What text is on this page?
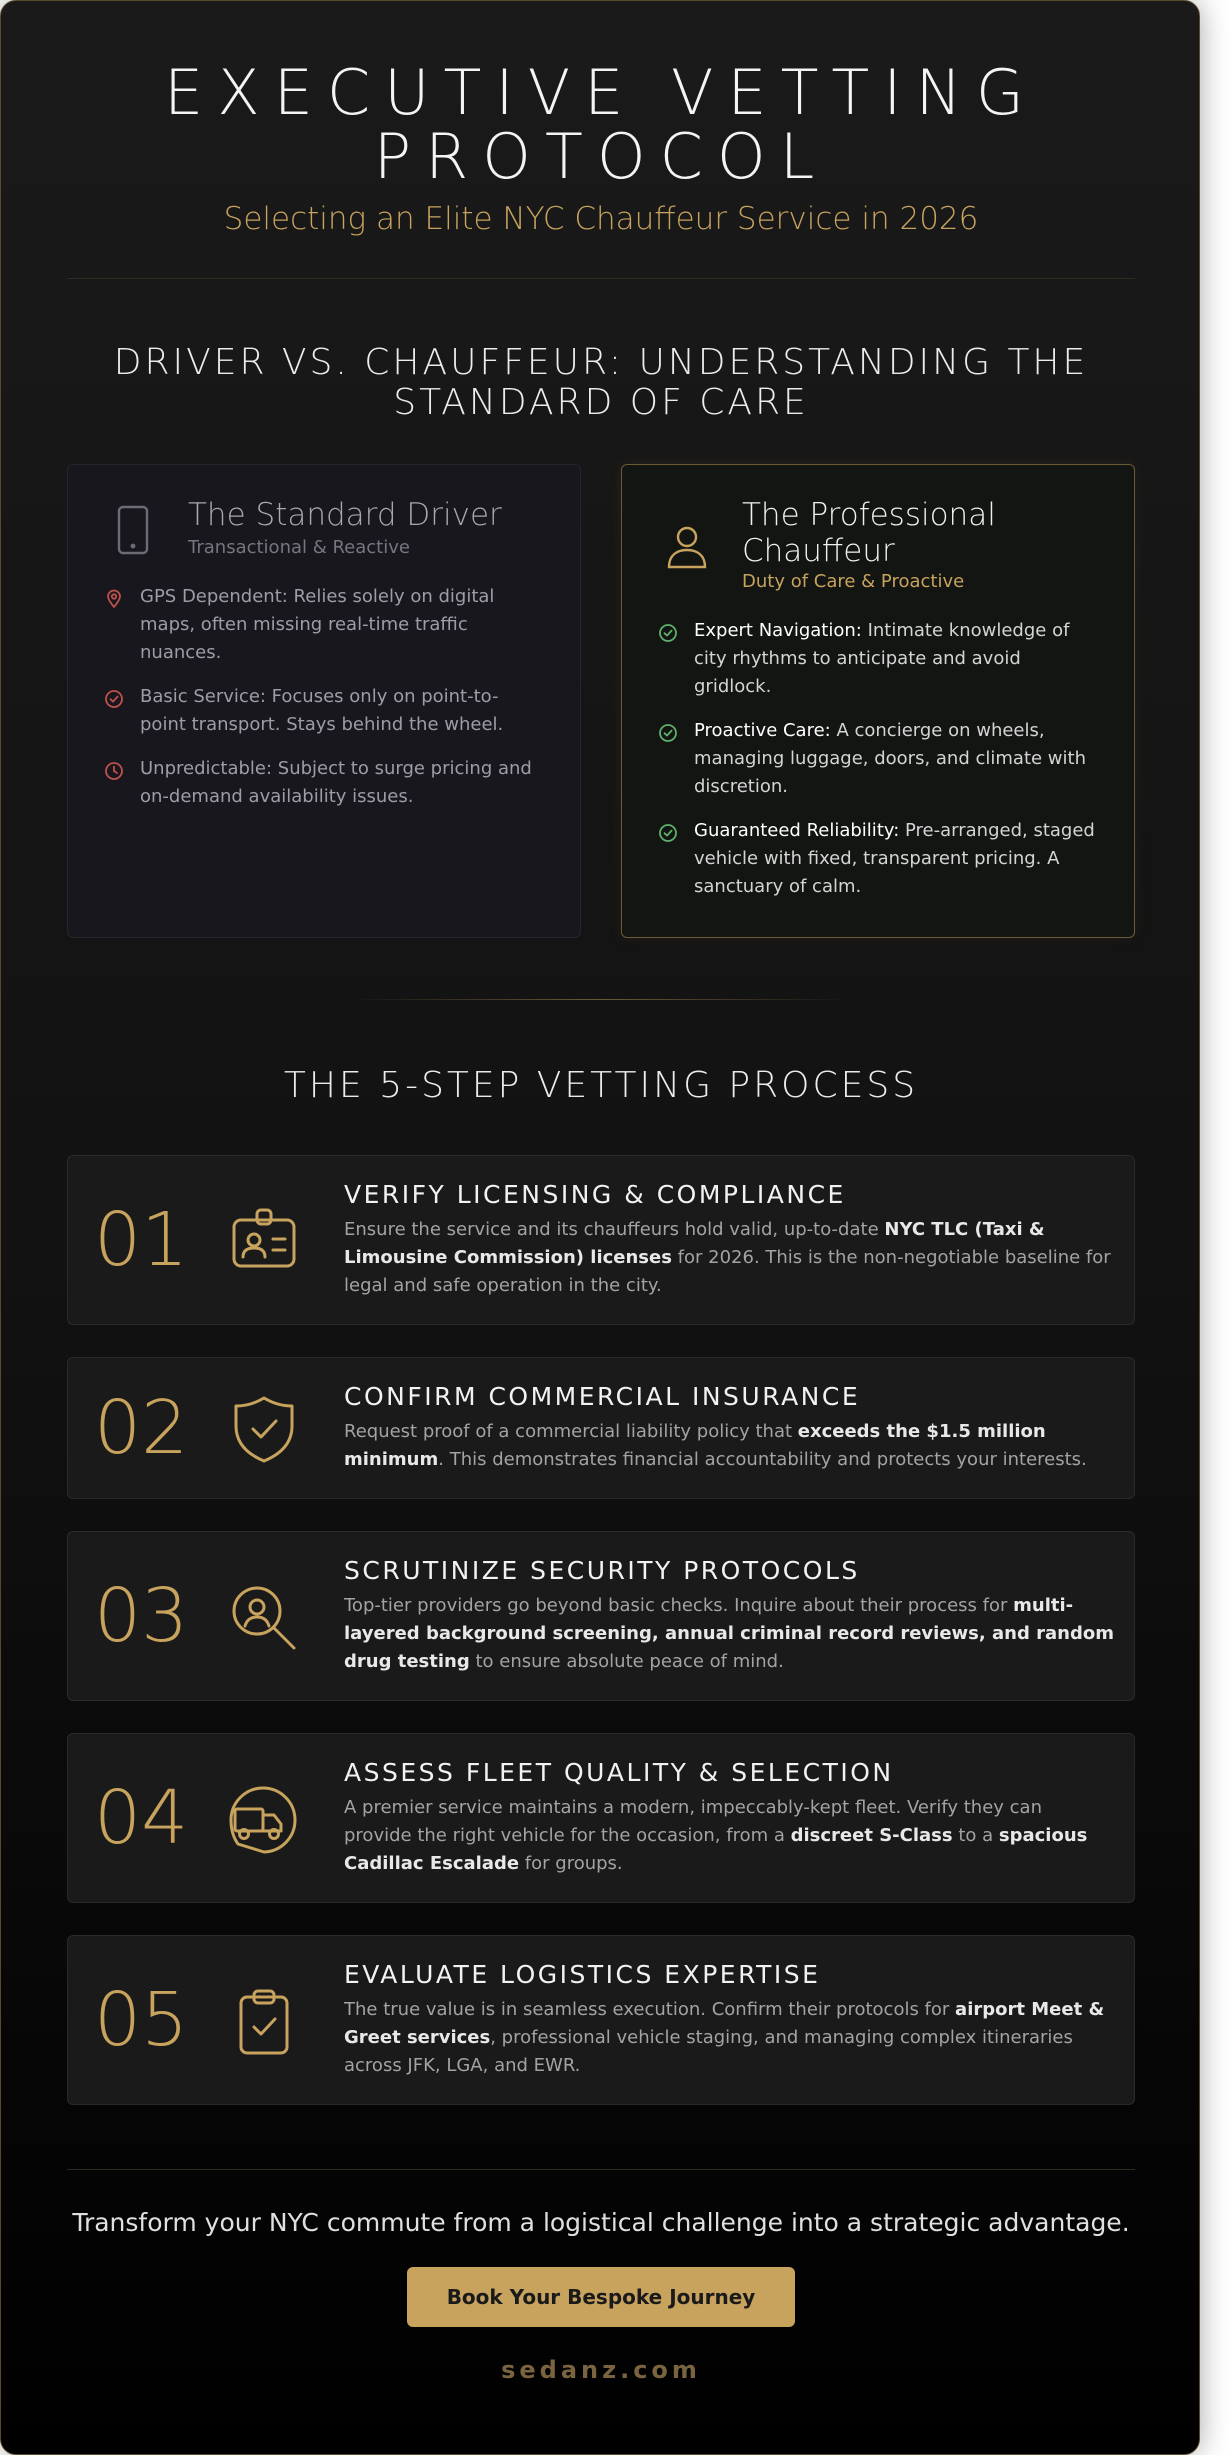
EXECUTIVE VETTING
PROTOCOL
Selecting an Elite NYC Chauffeur Service in 2026
DRIVER VS. CHAUFFEUR: UNDERSTANDING THE
STANDARD OF CARE
The Standard Driver
Transactional & Reactive
GPS Dependent: Relies solely on digital maps, often missing real-time traffic nuances.
Basic Service: Focuses only on point-to-point transport. Stays behind the wheel.
Unpredictable: Subject to surge pricing and on-demand availability issues.
The Professional Chauffeur
Duty of Care & Proactive
Expert Navigation: Intimate knowledge of city rhythms to anticipate and avoid gridlock.
Proactive Care: A concierge on wheels, managing luggage, doors, and climate with discretion.
Guaranteed Reliability: Pre-arranged, staged vehicle with fixed, transparent pricing. A sanctuary of calm.
THE 5-STEP VETTING PROCESS
01
VERIFY LICENSING & COMPLIANCE
Ensure the service and its chauffeurs hold valid, up-to-date NYC TLC (Taxi & Limousine Commission) licenses for 2026. This is the non-negotiable baseline for legal and safe operation in the city.
02	CONFIRM COMMERCIAL INSURANCE
Request proof of a commercial liability policy that exceeds the $1.5 million minimum. This demonstrates financial accountability and protects your interests.
03
SCRUTINIZE SECURITY PROTOCOLS
Top-tier providers go beyond basic checks. Inquire about their process for multi-layered background screening, annual criminal record reviews, and random drug testing to ensure absolute peace of mind.
04
ASSESS FLEET QUALITY & SELECTION
A premier service maintains a modern, impeccably-kept fleet. Verify they can provide the right vehicle for the occasion, from a discreet S-Class to a spacious Cadillac Escalade for groups.
05
EVALUATE LOGISTICS EXPERTISE
The true value is in seamless execution. Confirm their protocols for airport Meet & Greet services, professional vehicle staging, and managing complex itineraries across JFK, LGA, and EWR.
Transform your NYC commute from a logistical challenge into a strategic advantage.
Book Your Bespoke Journey
sedanz.com
